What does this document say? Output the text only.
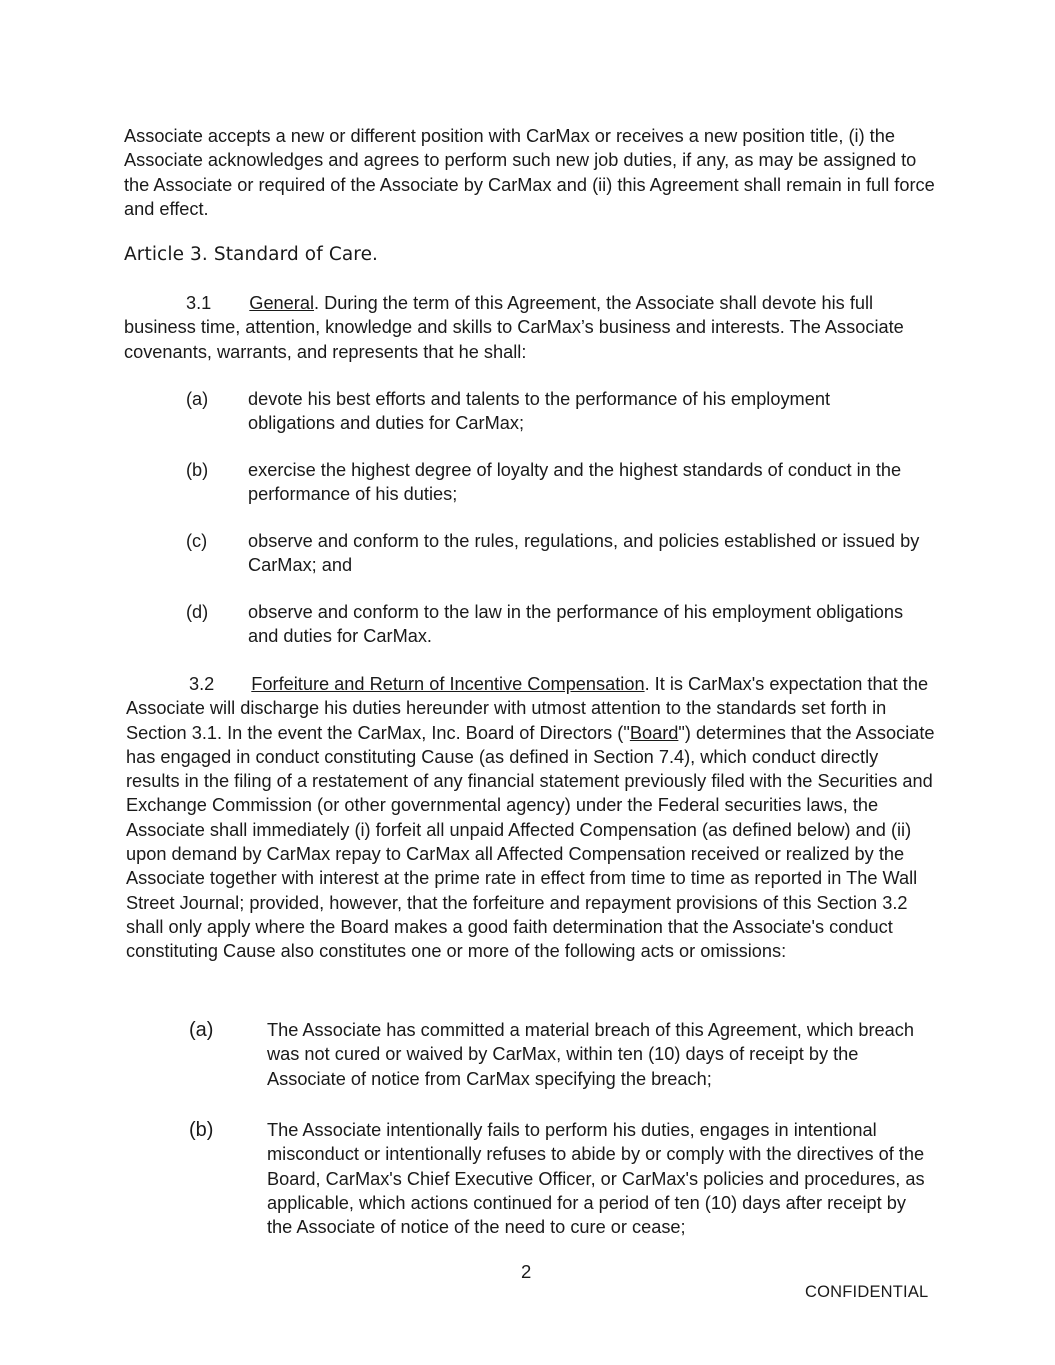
Associate accepts a new or different position with CarMax or receives a new position title, (i) the Associate acknowledges and agrees to perform such new job duties, if any, as may be assigned to the Associate or required of the Associate by CarMax and (ii) this Agreement shall remain in full force and effect.

Article 3. Standard of Care.

3.1 General. During the term of this Agreement, the Associate shall devote his full business time, attention, knowledge and skills to CarMax’s business and interests. The Associate covenants, warrants, and represents that he shall:

(a) devote his best efforts and talents to the performance of his employment obligations and duties for CarMax;

(b) exercise the highest degree of loyalty and the highest standards of conduct in the performance of his duties;

(c) observe and conform to the rules, regulations, and policies established or issued by CarMax; and

(d) observe and conform to the law in the performance of his employment obligations and duties for CarMax.

3.2 Forfeiture and Return of Incentive Compensation. It is CarMax's expectation that the Associate will discharge his duties hereunder with utmost attention to the standards set forth in Section 3.1. In the event the CarMax, Inc. Board of Directors ("Board") determines that the Associate has engaged in conduct constituting Cause (as defined in Section 7.4), which conduct directly results in the filing of a restatement of any financial statement previously filed with the Securities and Exchange Commission (or other governmental agency) under the Federal securities laws, the Associate shall immediately (i) forfeit all unpaid Affected Compensation (as defined below) and (ii) upon demand by CarMax repay to CarMax all Affected Compensation received or realized by the Associate together with interest at the prime rate in effect from time to time as reported in The Wall Street Journal; provided, however, that the forfeiture and repayment provisions of this Section 3.2 shall only apply where the Board makes a good faith determination that the Associate's conduct constituting Cause also constitutes one or more of the following acts or omissions:

(a)	The Associate has committed a material breach of this Agreement, which breach was not cured or waived by CarMax, within ten (10) days of receipt by the Associate of notice from CarMax specifying the breach;

(b)	The Associate intentionally fails to perform his duties, engages in intentional misconduct or intentionally refuses to abide by or comply with the directives of the Board, CarMax's Chief Executive Officer, or CarMax's policies and procedures, as applicable, which actions continued for a period of ten (10) days after receipt by the Associate of notice of the need to cure or cease;

2
CONFIDENTIAL
